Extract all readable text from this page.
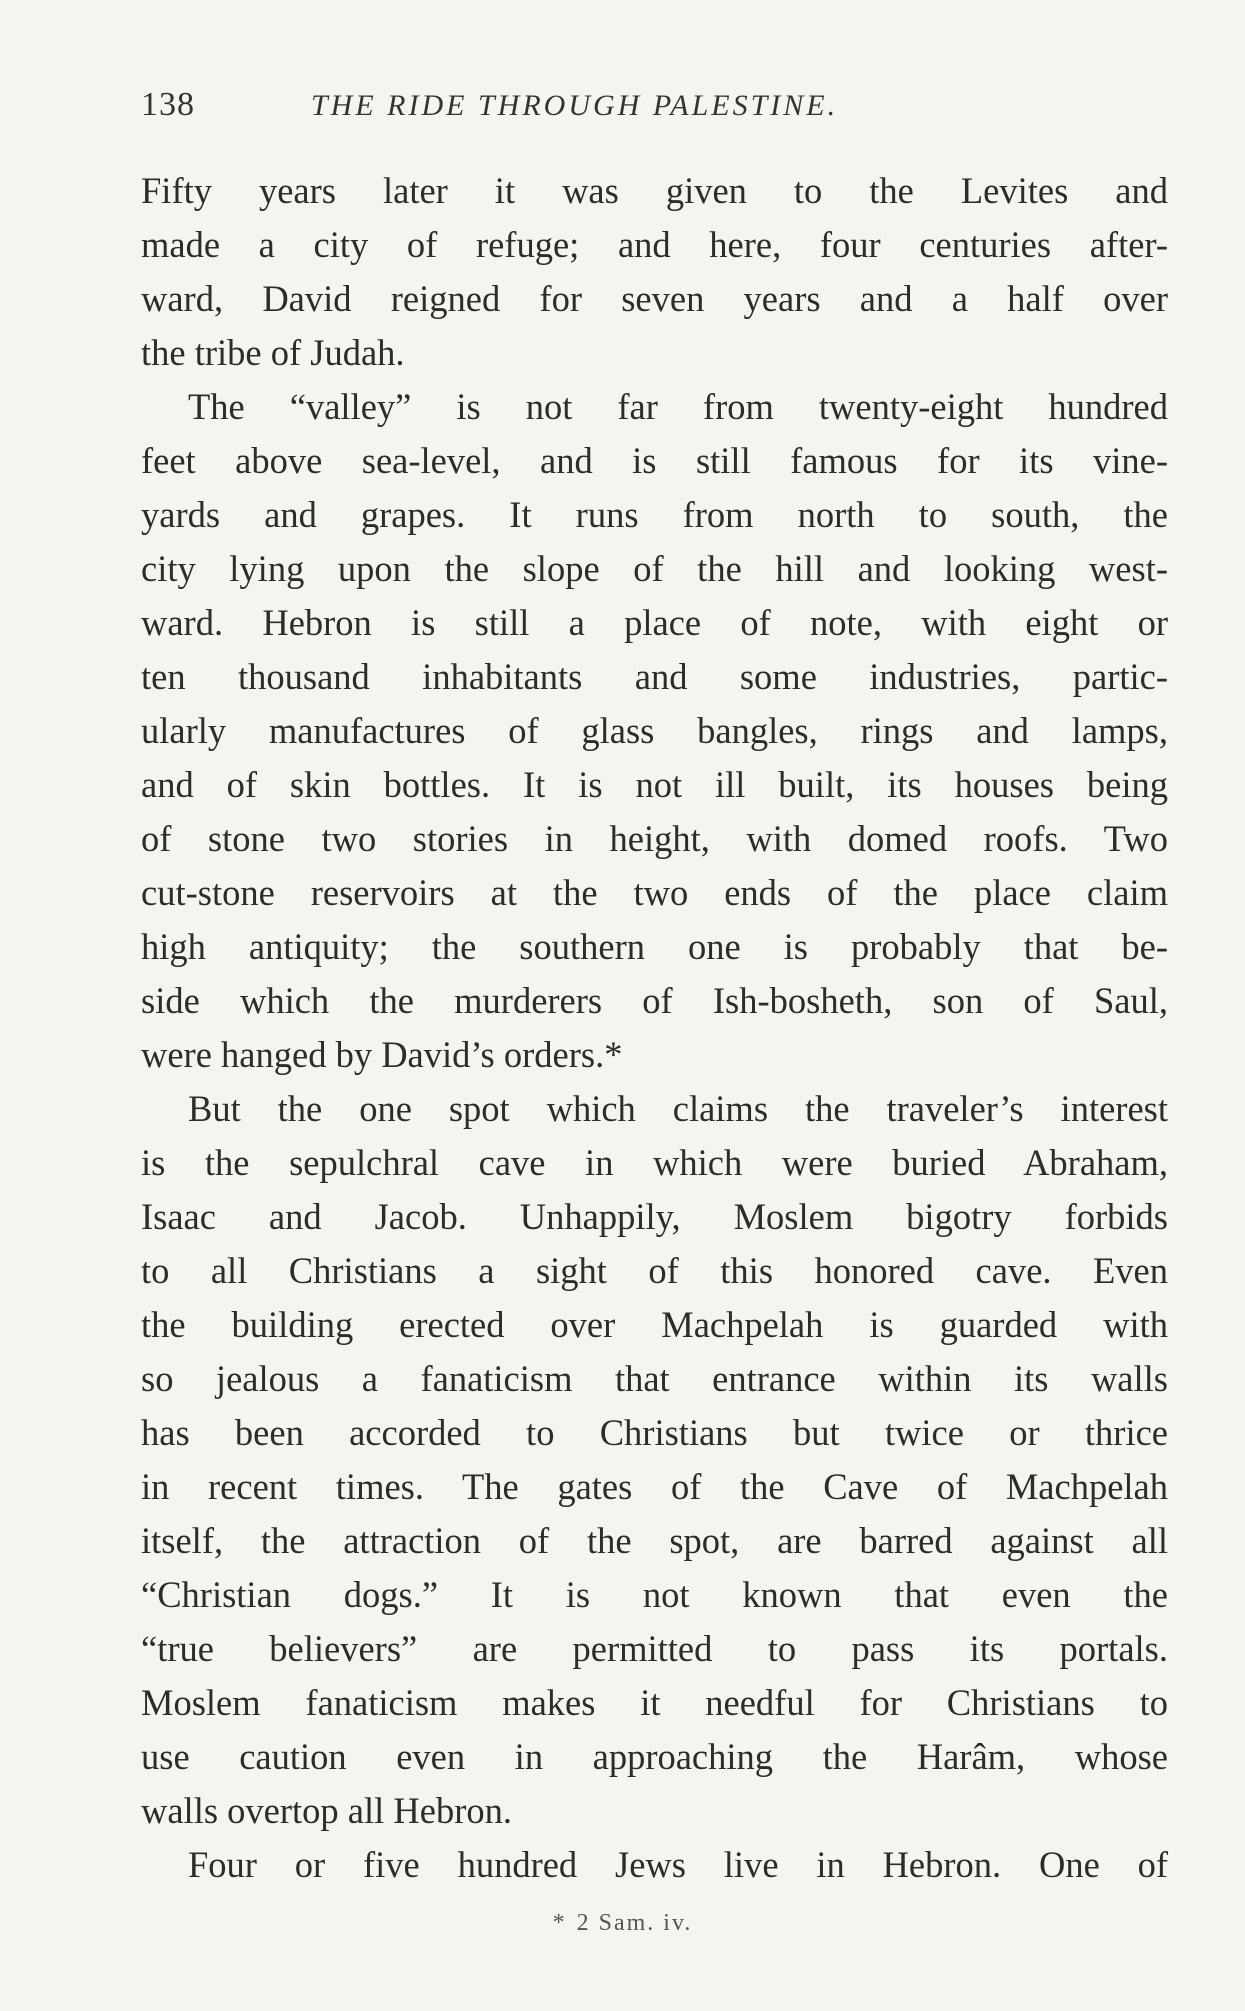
138	THE RIDE THROUGH PALESTINE.
Fifty years later it was given to the Levites and
made a city of refuge; and here, four centuries after-
ward, David reigned for seven years and a half over
the tribe of Judah.
The “valley” is not far from twenty-eight hundred
feet above sea-level, and is still famous for its vine-
yards and grapes. It runs from north to south, the
city lying upon the slope of the hill and looking west-
ward. Hebron is still a place of note, with eight or
ten thousand inhabitants and some industries, partic-
ularly manufactures of glass bangles, rings and lamps,
and of skin bottles. It is not ill built, its houses being
of stone two stories in height, with domed roofs. Two
cut-stone reservoirs at the two ends of the place claim
high antiquity; the southern one is probably that be-
side which the murderers of Ish-bosheth, son of Saul,
were hanged by David’s orders.*
But the one spot which claims the traveler’s interest
is the sepulchral cave in which were buried Abraham,
Isaac and Jacob. Unhappily, Moslem bigotry forbids
to all Christians a sight of this honored cave. Even
the building erected over Machpelah is guarded with
so jealous a fanaticism that entrance within its walls
has been accorded to Christians but twice or thrice
in recent times. The gates of the Cave of Machpelah
itself, the attraction of the spot, are barred against all
“Christian dogs.” It is not known that even the
“true believers” are permitted to pass its portals.
Moslem fanaticism makes it needful for Christians to
use caution even in approaching the Harâm, whose
walls overtop all Hebron.
Four or five hundred Jews live in Hebron. One of
* 2 Sam. iv.
